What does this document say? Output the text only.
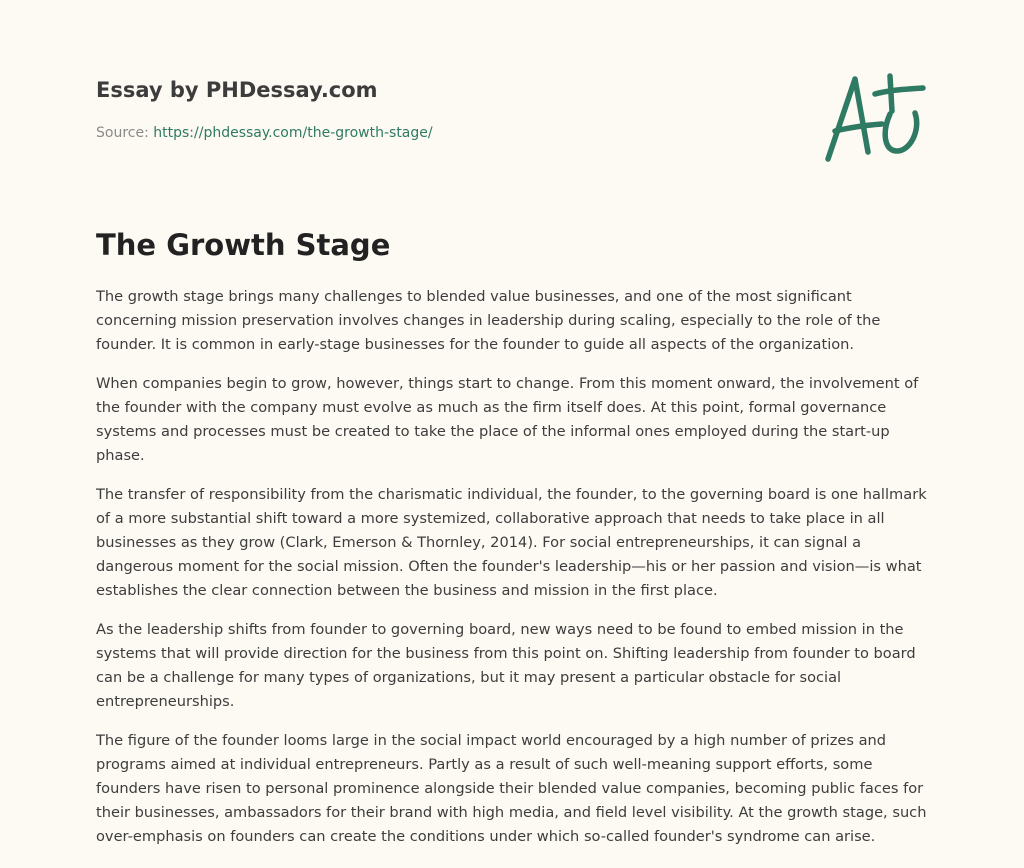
Essay by PHDessay.com
Source: https://phdessay.com/the-growth-stage/
The Growth Stage

The growth stage brings many challenges to blended value businesses, and one of the most significant concerning mission preservation involves changes in leadership during scaling, especially to the role of the founder. It is common in early-stage businesses for the founder to guide all aspects of the organization.

When companies begin to grow, however, things start to change. From this moment onward, the involvement of the founder with the company must evolve as much as the firm itself does. At this point, formal governance systems and processes must be created to take the place of the informal ones employed during the start-up phase.

The transfer of responsibility from the charismatic individual, the founder, to the governing board is one hallmark of a more substantial shift toward a more systemized, collaborative approach that needs to take place in all businesses as they grow (Clark, Emerson & Thornley, 2014). For social entrepreneurships, it can signal a dangerous moment for the social mission. Often the founder's leadership—his or her passion and vision—is what establishes the clear connection between the business and mission in the first place.

As the leadership shifts from founder to governing board, new ways need to be found to embed mission in the systems that will provide direction for the business from this point on. Shifting leadership from founder to board can be a challenge for many types of organizations, but it may present a particular obstacle for social entrepreneurships.

The figure of the founder looms large in the social impact world encouraged by a high number of prizes and programs aimed at individual entrepreneurs. Partly as a result of such well-meaning support efforts, some founders have risen to personal prominence alongside their blended value companies, becoming public faces for their businesses, ambassadors for their brand with high media, and field level visibility. At the growth stage, such over-emphasis on founders can create the conditions under which so-called founder's syndrome can arise.
